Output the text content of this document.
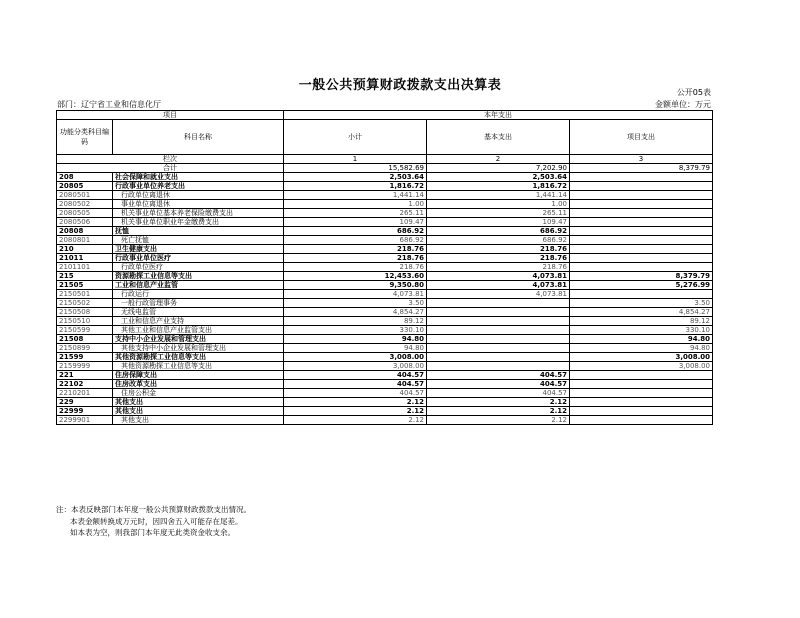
一般公共预算财政拨款支出决算表	公开05表
部门：辽宁省工业和信息化厅	金额单位：万元
项目		本年支出		
功能分类科目编码	科目名称	小计	基本支出	项目支出
栏次		1	2	3
合计		15,582.69	7,202.90	8,379.79
208	社会保障和就业支出	2,503.64	2,503.64	
20805	行政事业单位养老支出	1,816.72	1,816.72	
2080501	行政单位离退休	1,441.14	1,441.14	
2080502	事业单位离退休	1.00	1.00	
2080505	机关事业单位基本养老保险缴费支出	265.11	265.11	
2080506	机关事业单位职业年金缴费支出	109.47	109.47	
20808	抚恤	686.92	686.92	
2080801	死亡抚恤	686.92	686.92	
210	卫生健康支出	218.76	218.76	
21011	行政事业单位医疗	218.76	218.76	
2101101	行政单位医疗	218.76	218.76	
215	资源勘探工业信息等支出	12,453.60	4,073.81	8,379.79
21505	工业和信息产业监管	9,350.80	4,073.81	5,276.99
2150501	行政运行	4,073.81	4,073.81	
2150502	一般行政管理事务	3.50		3.50
2150508	无线电监管	4,854.27		4,854.27
2150510	工业和信息产业支持	89.12		89.12
2150599	其他工业和信息产业监管支出	330.10		330.10
21508	支持中小企业发展和管理支出	94.80		94.80
2150899	其他支持中小企业发展和管理支出	94.80		94.80
21599	其他资源勘探工业信息等支出	3,008.00		3,008.00
2159999	其他资源勘探工业信息等支出	3,008.00		3,008.00
221	住房保障支出	404.57	404.57	
22102	住房改革支出	404.57	404.57	
2210201	住房公积金	404.57	404.57	
229	其他支出	2.12	2.12	
22999	其他支出	2.12	2.12	
2299901	其他支出	2.12	2.12	
注：本表反映部门本年度一般公共预算财政拨款支出情况。
本表金额转换成万元时，因四舍五入可能存在尾差。
如本表为空，则我部门本年度无此类资金收支余。
